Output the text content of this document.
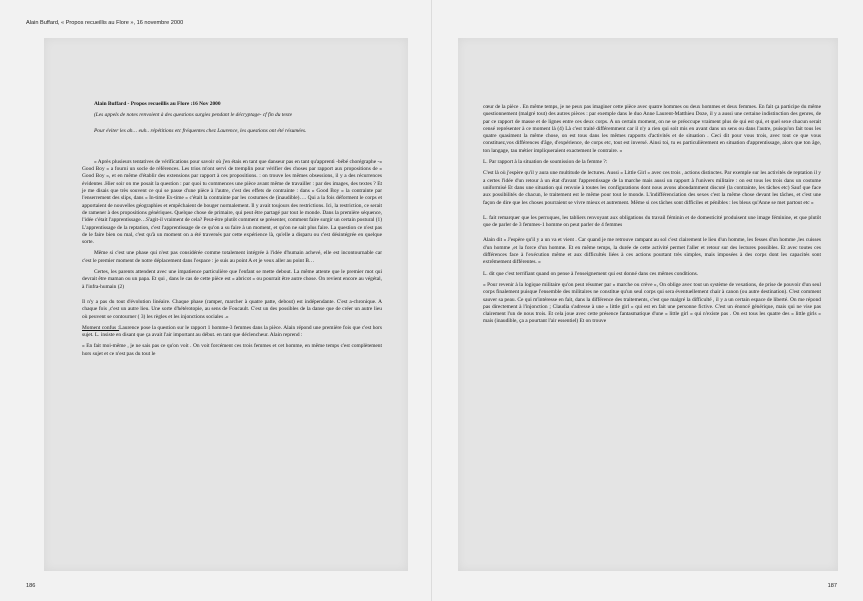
Alain Buffard, « Propos recueillis au Flore », 16 novembre 2000

Alain Buffard - Propos recueillis au Flore :16 Nov 2000

(Les appels de notes renvoient à des questions surgies pendant le décryptage- cf fin du texte

Pour éviter les ah… euh.. répétitions etc fréquentes chez Laurence, les questions ont été résumées.

« Après plusieurs tentatives de vérifications pour savoir où j'en étais en tant que danseur pas en tant qu'apprenti -bébé chorégraphe -« Good Boy » a fourni un socle de références. Les trios m'ont servi de tremplin pour vérifier des choses par rapport aux propositions de « Good Boy », et en même d'établir des extensions par rapport à ces propositions. : on trouve les mêmes obsessions, il y a des récurrences évidentes .Hier soir on me posait la question : par quoi tu commences une pièce avant même de travailler : par des images, des textes ? Et je me disais que très souvent ce qui se passe d'une pièce à l'autre, c'est des effets de contrainte : dans « Good Boy » la contrainte par l'enserrement des slips, dans « In-time Ex-time » c'était la contrainte par les costumes de (inaudible)…. Qui a la fois déforment le corps et apportaient de nouvelles géographies et empêchaient de bouger normalement. Il y avait toujours des restrictions. Ici, la restriction, ce serait de ramener à des propositions génériques. Quelque chose de primaire, qui peut être partagé par tout le monde. Dans la première séquence, l'idée c'était l'apprentissage…S'agit-il vraiment de cela? Peut-être plutôt comment se présenter, comment faire surgir un certain postural (1) L'apprentissage de la reptation, c'est l'apprentissage de ce qu'on a su faire à un moment, et qu'on ne sait plus faire. La question ce n'est pas de le faire bien ou mal, c'est qu'à un moment on a été traversés par cette expérience là, qu'elle a disparu ou c'est désintégrée en quelque sorte.

Même si c'est une phase qui n'est pas considérée comme totalement intégrée à l'idée d'humain achevé, elle est incontournable car c'est le premier moment de notre déplacement dans l'espace : je suis au point A et je veux aller au point B…

Certes, les parents attendent avec une impatience particulière que l'enfant se mette debout. La même attente que le premier mot qui devrait être maman ou un papa. Et qui , dans le cas de cette pièce est « abricot » ou pourrait être autre chose. On revient encore au végétal, à l'infra-humain (2)

Il n'y a pas du tout d'évolution linéaire. Chaque phase (ramper, marcher à quatre patte, debout) est indépendante. C'est a-chronique. A chaque fois ,c'est un autre lieu. Une sorte d'hétérotopie, au sens de Foucault. C'est un des possibles de la danse que de créer un autre lieu où peuvent se contourner ( 3) les règles et les injonctions sociales .»

Moment confus :Laurence pose la question sur le rapport 1 homme-3 femmes dans la pièce. Alain répond une première fois que c'est hors sujet. L. insiste en disant que ça avait l'air important au début. en tant que déclencheur. Alain reprend :

« En fait moi-même , je ne sais pas ce qu'on voit . On voit forcément ces trois femmes et cet homme, en même temps c'est complètement hors sujet et ce n'est pas du tout le

186

cœur de la pièce . En même temps, je ne peux pas imaginer cette pièce avec quatre hommes ou deux hommes et deux femmes. En fait ça participe du même questionnement (malgré tout) des autres pièces : par exemple dans le duo Anne Laurent-Matthieu Doze, il y a aussi une certaine indistinction des genres, de par ce rapport de masse et de lignes entre ces deux corps. A un certain moment, on ne se préoccupe vraiment plus de qui est qui, et quel sexe chacun serait censé représenter à ce moment là (4) Là c'est traité différemment car il n'y a rien qui soit mis en avant dans un sens ou dans l'autre, puisqu'on fait tous les quatre quasiment la même chose, on est tous dans les mêmes rapports d'activités et de situation . Ceci dit pour vous trois, avec tout ce que vous constituez,vos différences d'âge, d'expérience, de corps etc, tout est inversé. Ainsi toi, tu es particulièrement en situation d'apprentissage, alors que ton âge, ton langage, tau métier impliqueraient exactement le contraire. »

L. Par rapport à la situation de soumission de la femme ?:

C'est là où j'espère qu'il y aura une multitude de lectures. Aussi « Little Girl » avec ces trois , actions distinctes. Par exemple sur les activités de reptation il y a certes l'idée d'un retour à un état d'avant l'apprentissage de la marche mais aussi un rapport à l'univers militaire : on est tous les trois dans un costume uniformisé Et dans une situation qui renvoie à toutes les configurations dont nous avons abondamment discuté (la contrainte, les tâches etc) Sauf que face aux possibilités de chacun, le traitement est le même pour tout le monde. L'indifférenciation des sexes c'est la même chose devant les tâches, et c'est une façon de dire que les choses pourraient se vivre mieux et autrement. Même si ces tâches sont difficiles et pénibles : les bleus qu'Anne se met partout etc »

L. fait remarquer que les perruques, les tabliers renvoyant aux obligations du travail féminin et de domesticité produisent une image féminine, et que plutôt que de parler de 3 femmes-1 homme on peut parler de 4 femmes

Alain dit « J'espère qu'il y a un va et vient . Car quand je me retrouve rampant au sol c'est clairement le lieu d'un homme, les fesses d'un homme ,les cuisses d'un homme ,et la force d'un homme. Et en même temps, la durée de cette activité permet l'aller et retour sur des lectures possibles. Et avec toutes ces différences face à l'exécution même et aux difficultés liées à ces actions pourtant très simples, mais imposées à des corps dont les capacités sont extrêmement différentes. »

L. dit que c'est terrifiant quand on pense à l'enseignement qui est donné dans ces mêmes conditions.

« Pour revenir à la logique militaire qu'on peut résumer par « marche ou crève », On oblige avec tout un système de vexations, de prise de pouvoir d'un seul corps finalement puisque l'ensemble des militaires ne constitue qu'un seul corps qui sera éventuellement chair à canon (ou autre destination). C'est comment sauver sa peau. Ce qui m'intéresse en fait, dans la différence des traitements, c'est que malgré la difficulté , il y a un certain espace de liberté. On me répond pas directement à l'injonction ; Claudia s'adresse à une « little girl » qui est en fait une personne fictive. C'est un énoncé générique, mais qui ne vise pas clairement l'un de nous trois. Et cela joue avec cette présence fantasmatique d'une « little girl » qui n'existe pas . On est tous les quatre des « little girls » mais (inaudible, ça a pourtant l'air essentiel) Et on trouve

187
